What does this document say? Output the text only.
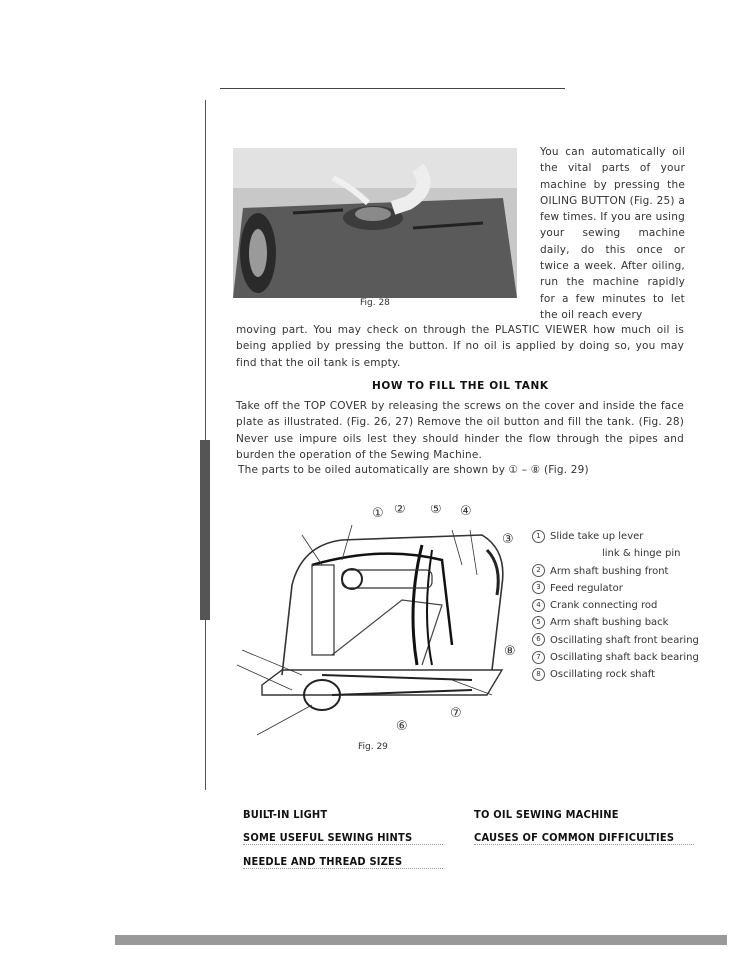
Fig. 28
You can automatically oil the vital parts of your machine by pressing the OILING BUTTON (Fig. 25) a few times. If you are using your sewing machine daily, do this once or twice a week. After oiling, run the machine rapidly for a few minutes to let the oil reach every
moving part. You may check on through the PLASTIC VIEWER how much oil is being applied by pressing the button. If no oil is applied by doing so, you may find that the oil tank is empty.
HOW TO FILL THE OIL TANK
Take off the TOP COVER by releasing the screws on the cover and inside the face plate as illustrated. (Fig. 26, 27) Remove the oil button and fill the tank. (Fig. 28) Never use impure oils lest they should hinder the flow through the pipes and burden the operation of the Sewing Machine.
The parts to be oiled automatically are shown by ① – ⑧ (Fig. 29)
① ② ⑤ ④
③
⑧
⑥
⑦
Fig. 29
1 Slide take up lever
link & hinge pin
2 Arm shaft bushing front
3 Feed regulator
4 Crank connecting rod
5 Arm shaft bushing back
6 Oscillating shaft front bearing
7 Oscillating shaft back bearing
8 Oscillating rock shaft
BUILT-IN LIGHT	TO OIL SEWING MACHINE
SOME USEFUL SEWING HINTS	CAUSES OF COMMON DIFFICULTIES
NEEDLE AND THREAD SIZES
